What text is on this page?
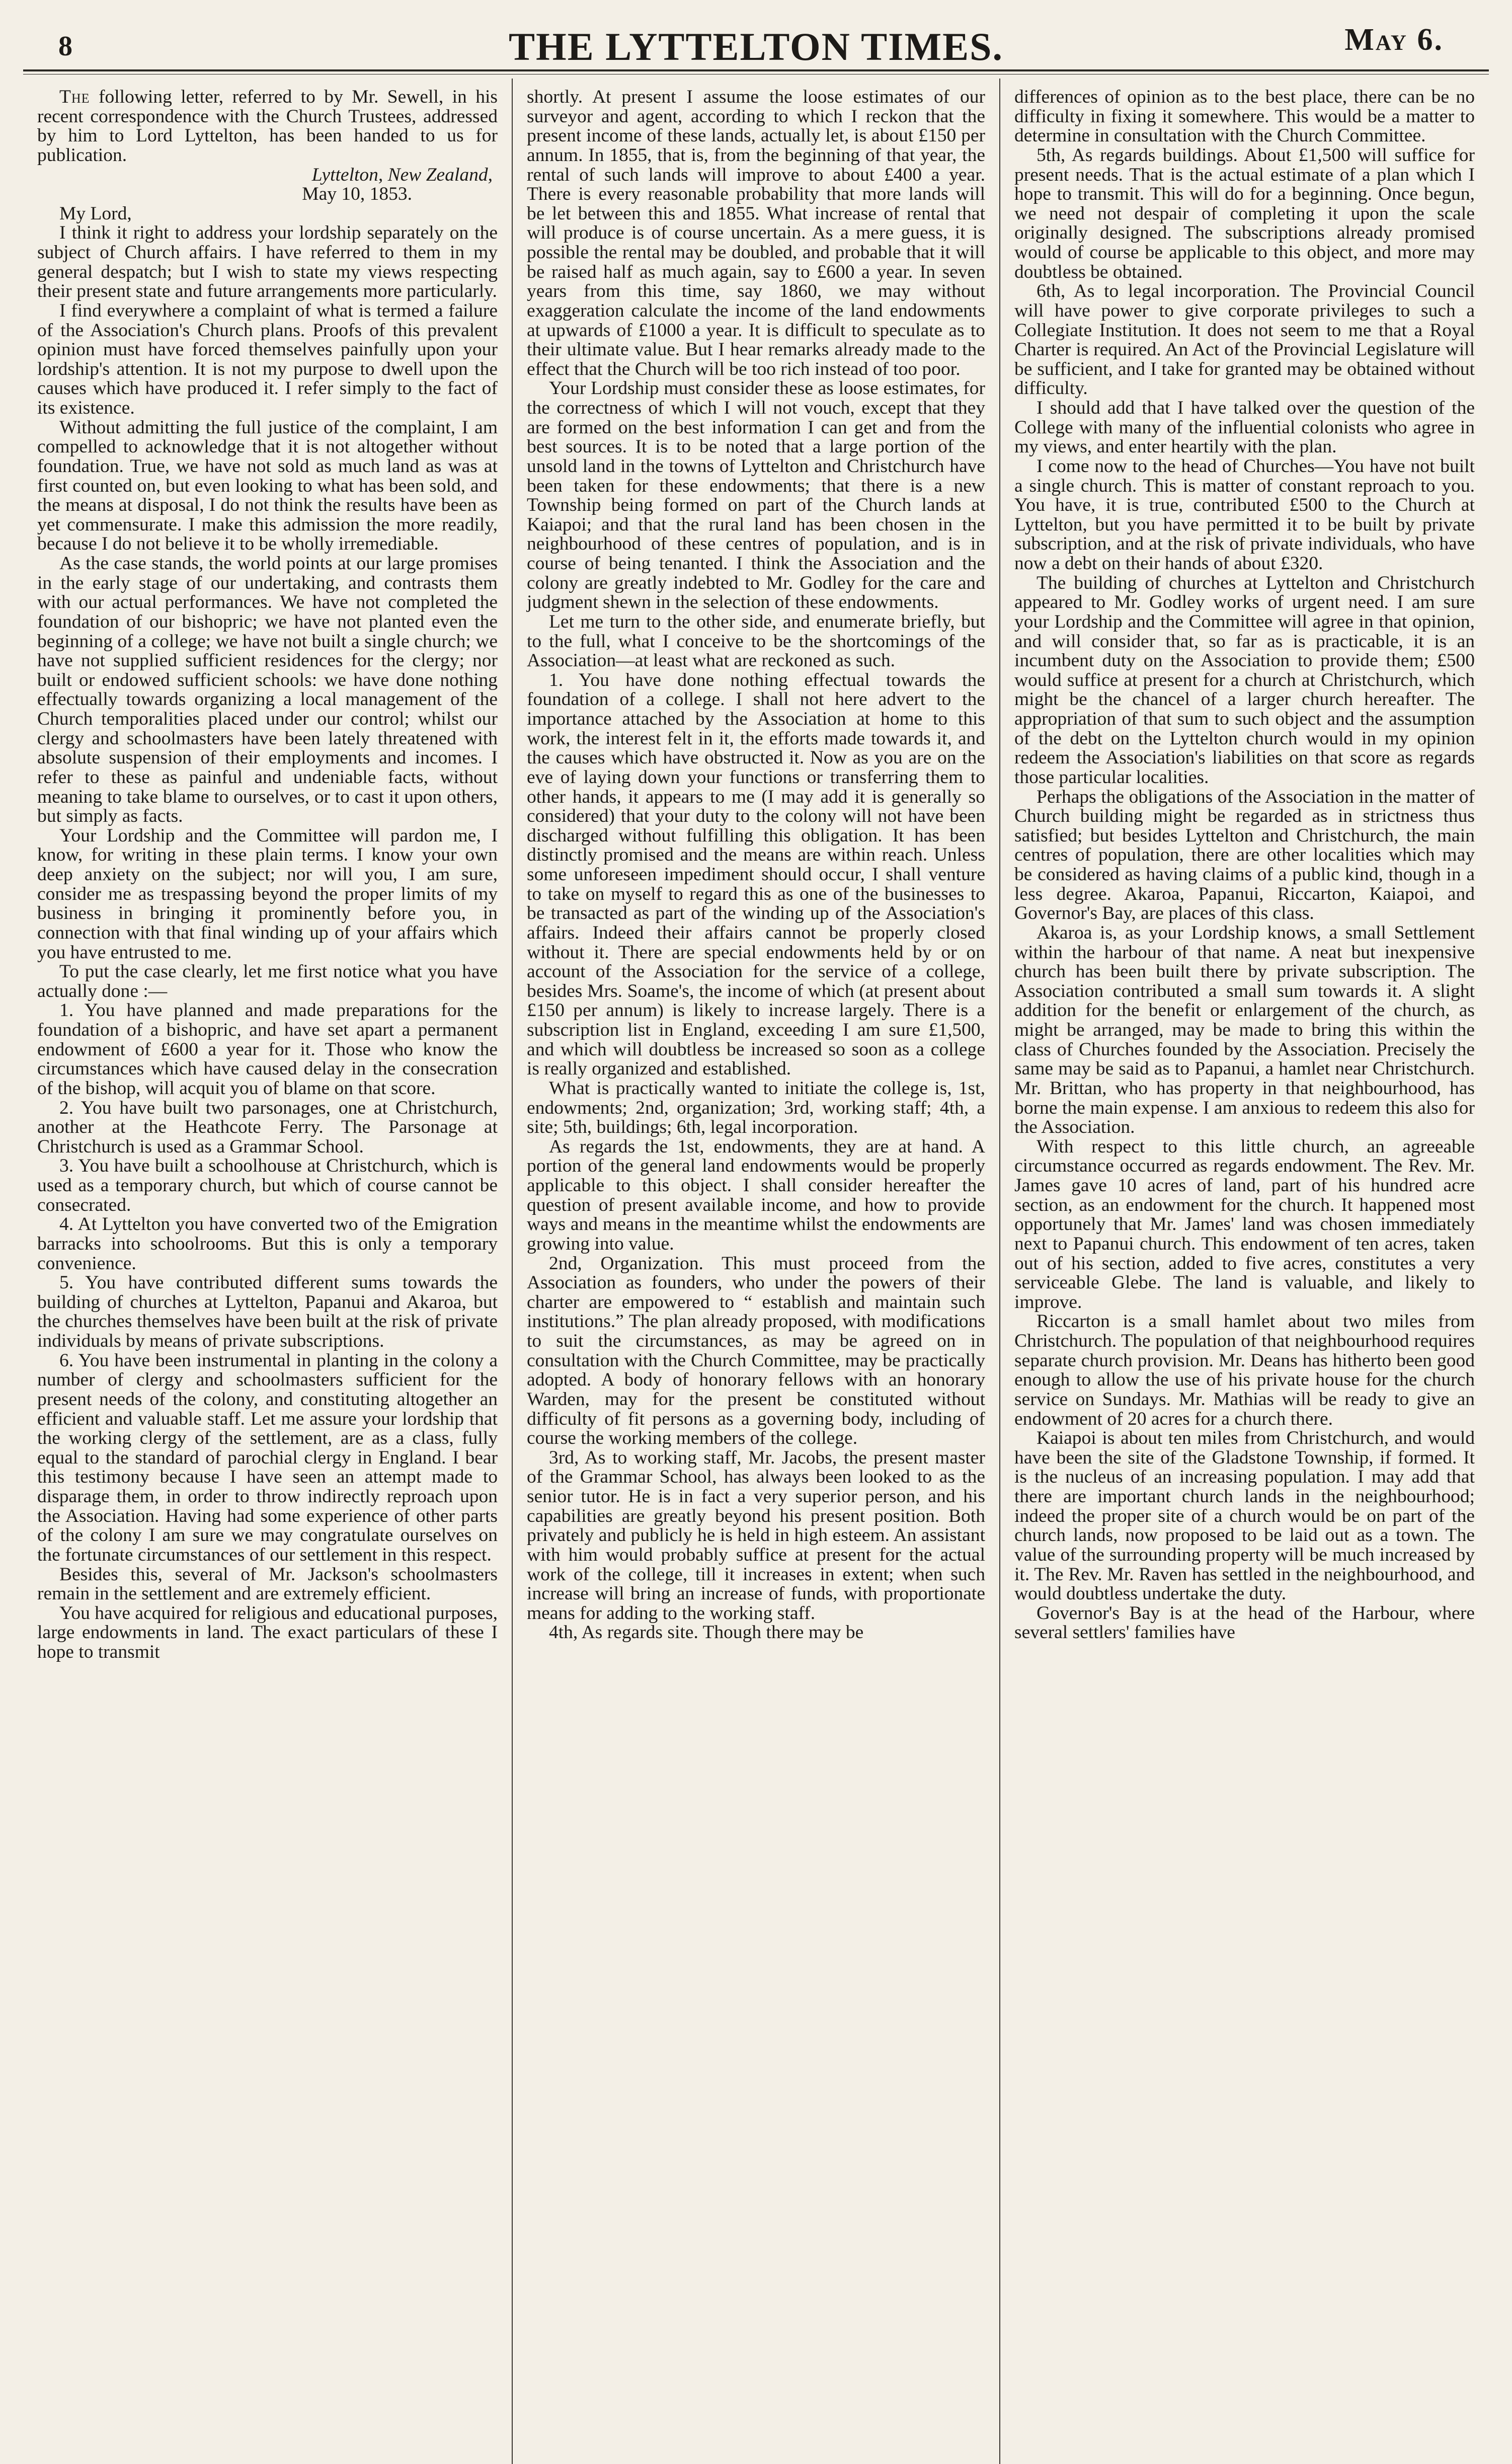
8	THE LYTTELTON TIMES.	May 6.

The following letter, referred to by Mr. Sewell, in his recent correspondence with the Church Trustees, addressed by him to Lord Lyttelton, has been handed to us for publication.

Lyttelton, New Zealand,

May 10, 1853.

My Lord,

I think it right to address your lordship separately on the subject of Church affairs. I have referred to them in my general despatch; but I wish to state my views respecting their present state and future arrangements more particularly.

I find everywhere a complaint of what is termed a failure of the Association's Church plans. Proofs of this prevalent opinion must have forced themselves painfully upon your lordship's attention. It is not my purpose to dwell upon the causes which have produced it. I refer simply to the fact of its existence.

Without admitting the full justice of the complaint, I am compelled to acknowledge that it is not altogether without foundation. True, we have not sold as much land as was at first counted on, but even looking to what has been sold, and the means at disposal, I do not think the results have been as yet commensurate. I make this admission the more readily, because I do not believe it to be wholly irremediable.

As the case stands, the world points at our large promises in the early stage of our undertaking, and contrasts them with our actual performances. We have not completed the foundation of our bishopric; we have not planted even the beginning of a college; we have not built a single church; we have not supplied sufficient residences for the clergy; nor built or endowed sufficient schools: we have done nothing effectually towards organizing a local management of the Church temporalities placed under our control; whilst our clergy and schoolmasters have been lately threatened with absolute suspension of their employments and incomes. I refer to these as painful and undeniable facts, without meaning to take blame to ourselves, or to cast it upon others, but simply as facts.

Your Lordship and the Committee will pardon me, I know, for writing in these plain terms. I know your own deep anxiety on the subject; nor will you, I am sure, consider me as trespassing beyond the proper limits of my business in bringing it prominently before you, in connection with that final winding up of your affairs which you have entrusted to me.

To put the case clearly, let me first notice what you have actually done :—

1. You have planned and made preparations for the foundation of a bishopric, and have set apart a permanent endowment of £600 a year for it. Those who know the circumstances which have caused delay in the consecration of the bishop, will acquit you of blame on that score.

2. You have built two parsonages, one at Christchurch, another at the Heathcote Ferry. The Parsonage at Christchurch is used as a Grammar School.

3. You have built a schoolhouse at Christchurch, which is used as a temporary church, but which of course cannot be consecrated.

4. At Lyttelton you have converted two of the Emigration barracks into schoolrooms. But this is only a temporary convenience.

5. You have contributed different sums towards the building of churches at Lyttelton, Papanui and Akaroa, but the churches themselves have been built at the risk of private individuals by means of private subscriptions.

6. You have been instrumental in planting in the colony a number of clergy and schoolmasters sufficient for the present needs of the colony, and constituting altogether an efficient and valuable staff. Let me assure your lordship that the working clergy of the settlement, are as a class, fully equal to the standard of parochial clergy in England. I bear this testimony because I have seen an attempt made to disparage them, in order to throw indirectly reproach upon the Association. Having had some experience of other parts of the colony I am sure we may congratulate ourselves on the fortunate circumstances of our settlement in this respect.

Besides this, several of Mr. Jackson's schoolmasters remain in the settlement and are extremely efficient.

You have acquired for religious and educational purposes, large endowments in land. The exact particulars of these I hope to transmit

shortly. At present I assume the loose estimates of our surveyor and agent, according to which I reckon that the present income of these lands, actually let, is about £150 per annum. In 1855, that is, from the beginning of that year, the rental of such lands will improve to about £400 a year. There is every reasonable probability that more lands will be let between this and 1855. What increase of rental that will produce is of course uncertain. As a mere guess, it is possible the rental may be doubled, and probable that it will be raised half as much again, say to £600 a year. In seven years from this time, say 1860, we may without exaggeration calculate the income of the land endowments at upwards of £1000 a year. It is difficult to speculate as to their ultimate value. But I hear remarks already made to the effect that the Church will be too rich instead of too poor.

Your Lordship must consider these as loose estimates, for the correctness of which I will not vouch, except that they are formed on the best information I can get and from the best sources. It is to be noted that a large portion of the unsold land in the towns of Lyttelton and Christchurch have been taken for these endowments; that there is a new Township being formed on part of the Church lands at Kaiapoi; and that the rural land has been chosen in the neighbourhood of these centres of population, and is in course of being tenanted. I think the Association and the colony are greatly indebted to Mr. Godley for the care and judgment shewn in the selection of these endowments.

Let me turn to the other side, and enumerate briefly, but to the full, what I conceive to be the shortcomings of the Association—at least what are reckoned as such.

1. You have done nothing effectual towards the foundation of a college. I shall not here advert to the importance attached by the Association at home to this work, the interest felt in it, the efforts made towards it, and the causes which have obstructed it. Now as you are on the eve of laying down your functions or transferring them to other hands, it appears to me (I may add it is generally so considered) that your duty to the colony will not have been discharged without fulfilling this obligation. It has been distinctly promised and the means are within reach. Unless some unforeseen impediment should occur, I shall venture to take on myself to regard this as one of the businesses to be transacted as part of the winding up of the Association's affairs. Indeed their affairs cannot be properly closed without it. There are special endowments held by or on account of the Association for the service of a college, besides Mrs. Soame's, the income of which (at present about £150 per annum) is likely to increase largely. There is a subscription list in England, exceeding I am sure £1,500, and which will doubtless be increased so soon as a college is really organized and established.

What is practically wanted to initiate the college is, 1st, endowments; 2nd, organization; 3rd, working staff; 4th, a site; 5th, buildings; 6th, legal incorporation.

As regards the 1st, endowments, they are at hand. A portion of the general land endowments would be properly applicable to this object. I shall consider hereafter the question of present available income, and how to provide ways and means in the meantime whilst the endowments are growing into value.

2nd, Organization. This must proceed from the Association as founders, who under the powers of their charter are empowered to “ establish and maintain such institutions.” The plan already proposed, with modifications to suit the circumstances, as may be agreed on in consultation with the Church Committee, may be practically adopted. A body of honorary fellows with an honorary Warden, may for the present be constituted without difficulty of fit persons as a governing body, including of course the working members of the college.

3rd, As to working staff, Mr. Jacobs, the present master of the Grammar School, has always been looked to as the senior tutor. He is in fact a very superior person, and his capabilities are greatly beyond his present position. Both privately and publicly he is held in high esteem. An assistant with him would probably suffice at present for the actual work of the college, till it increases in extent; when such increase will bring an increase of funds, with proportionate means for adding to the working staff.

4th, As regards site. Though there may be

differences of opinion as to the best place, there can be no difficulty in fixing it somewhere. This would be a matter to determine in consultation with the Church Committee.

5th, As regards buildings. About £1,500 will suffice for present needs. That is the actual estimate of a plan which I hope to transmit. This will do for a beginning. Once begun, we need not despair of completing it upon the scale originally designed. The subscriptions already promised would of course be applicable to this object, and more may doubtless be obtained.

6th, As to legal incorporation. The Provincial Council will have power to give corporate privileges to such a Collegiate Institution. It does not seem to me that a Royal Charter is required. An Act of the Provincial Legislature will be sufficient, and I take for granted may be obtained without difficulty.

I should add that I have talked over the question of the College with many of the influential colonists who agree in my views, and enter heartily with the plan.

I come now to the head of Churches—You have not built a single church. This is matter of constant reproach to you. You have, it is true, contributed £500 to the Church at Lyttelton, but you have permitted it to be built by private subscription, and at the risk of private individuals, who have now a debt on their hands of about £320.

The building of churches at Lyttelton and Christchurch appeared to Mr. Godley works of urgent need. I am sure your Lordship and the Committee will agree in that opinion, and will consider that, so far as is practicable, it is an incumbent duty on the Association to provide them; £500 would suffice at present for a church at Christchurch, which might be the chancel of a larger church hereafter. The appropriation of that sum to such object and the assumption of the debt on the Lyttelton church would in my opinion redeem the Association's liabilities on that score as regards those particular localities.

Perhaps the obligations of the Association in the matter of Church building might be regarded as in strictness thus satisfied; but besides Lyttelton and Christchurch, the main centres of population, there are other localities which may be considered as having claims of a public kind, though in a less degree. Akaroa, Papanui, Riccarton, Kaiapoi, and Governor's Bay, are places of this class.

Akaroa is, as your Lordship knows, a small Settlement within the harbour of that name. A neat but inexpensive church has been built there by private subscription. The Association contributed a small sum towards it. A slight addition for the benefit or enlargement of the church, as might be arranged, may be made to bring this within the class of Churches founded by the Association. Precisely the same may be said as to Papanui, a hamlet near Christchurch. Mr. Brittan, who has property in that neighbourhood, has borne the main expense. I am anxious to redeem this also for the Association.

With respect to this little church, an agreeable circumstance occurred as regards endowment. The Rev. Mr. James gave 10 acres of land, part of his hundred acre section, as an endowment for the church. It happened most opportunely that Mr. James' land was chosen immediately next to Papanui church. This endowment of ten acres, taken out of his section, added to five acres, constitutes a very serviceable Glebe. The land is valuable, and likely to improve.

Riccarton is a small hamlet about two miles from Christchurch. The population of that neighbourhood requires separate church provision. Mr. Deans has hitherto been good enough to allow the use of his private house for the church service on Sundays. Mr. Mathias will be ready to give an endowment of 20 acres for a church there.

Kaiapoi is about ten miles from Christchurch, and would have been the site of the Gladstone Township, if formed. It is the nucleus of an increasing population. I may add that there are important church lands in the neighbourhood; indeed the proper site of a church would be on part of the church lands, now proposed to be laid out as a town. The value of the surrounding property will be much increased by it. The Rev. Mr. Raven has settled in the neighbourhood, and would doubtless undertake the duty.

Governor's Bay is at the head of the Harbour, where several settlers' families have
